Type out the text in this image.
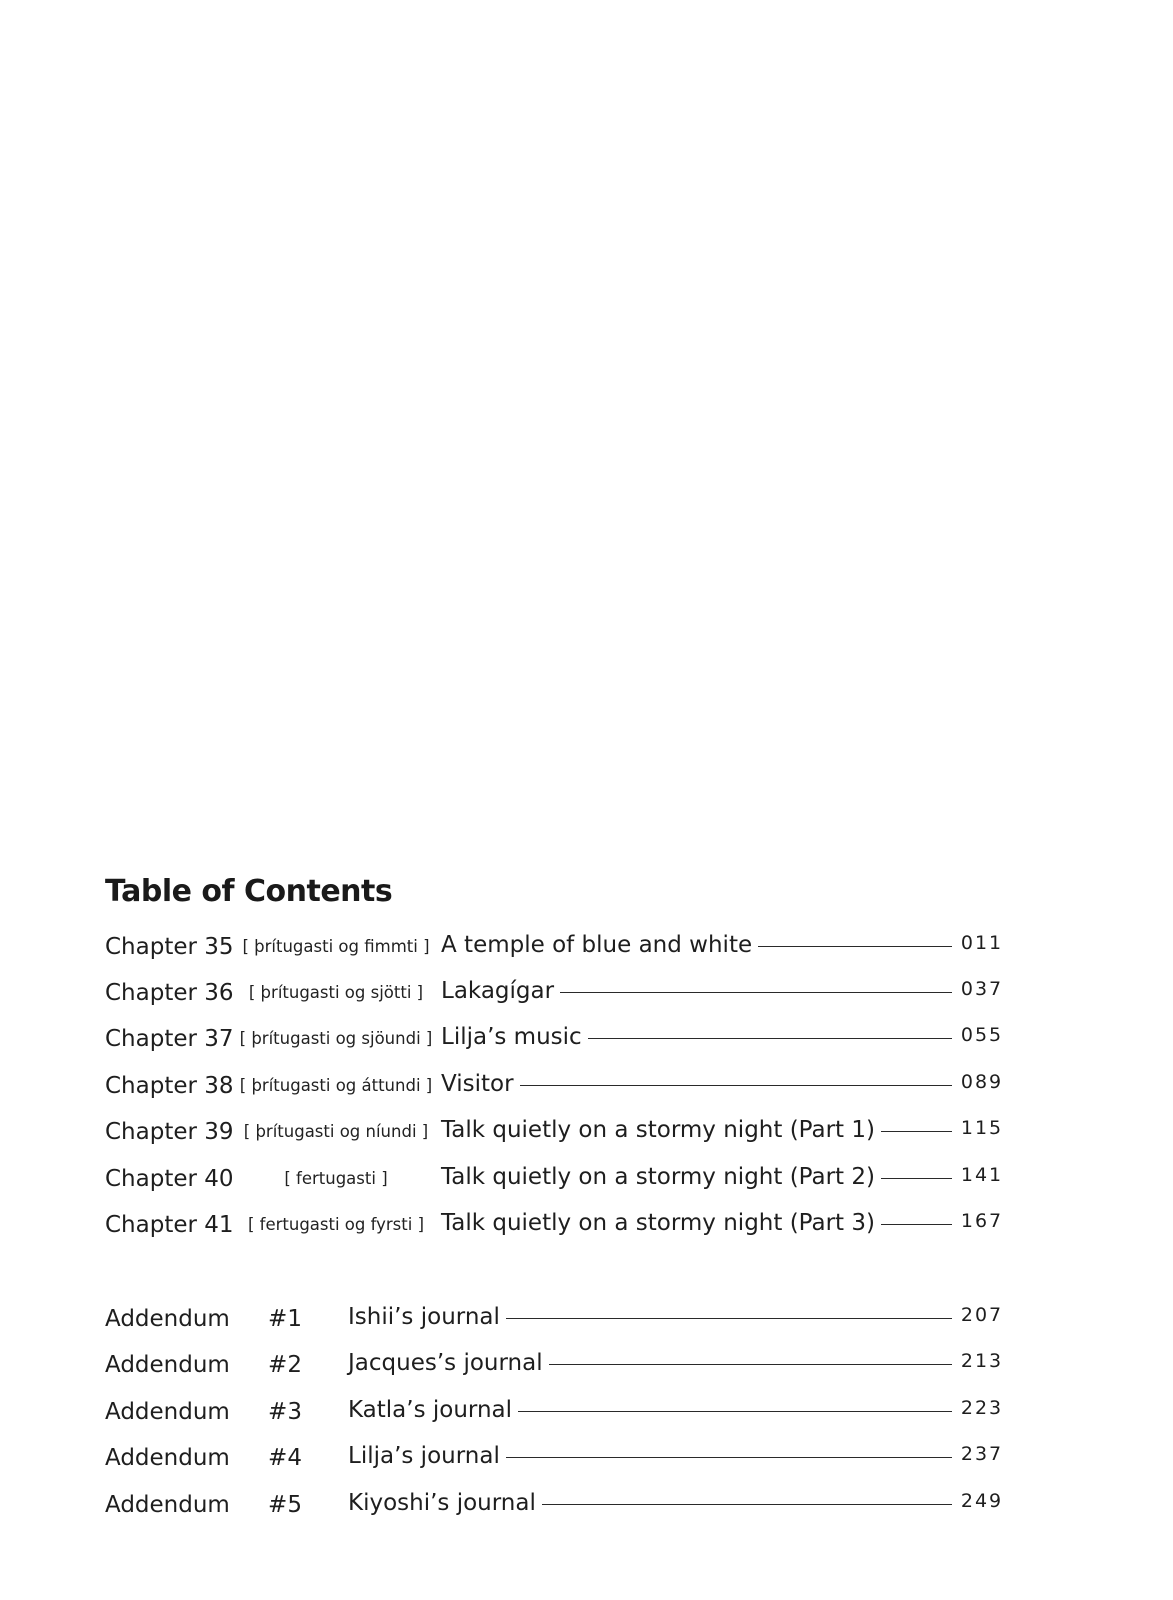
Table of Contents
Chapter 35 [ þrítugasti og fimmti ] A temple of blue and white	011
Chapter 36 [ þrítugasti og sjötti ] Lakagígar	037
Chapter 37 [ þrítugasti og sjöundi ] Lilja’s music	055
Chapter 38 [ þrítugasti og áttundi ] Visitor	089
Chapter 39 [ þrítugasti og níundi ] Talk quietly on a stormy night (Part 1)	115
Chapter 40	[ fertugasti ]	Talk quietly on a stormy night (Part 2)	141
Chapter 41 [ fertugasti og fyrsti ] Talk quietly on a stormy night (Part 3)	167
Addendum	#1	Ishii’s journal	207
Addendum	#2	Jacques’s journal	213
Addendum	#3	Katla’s journal	223
Addendum	#4	Lilja’s journal	237
Addendum	#5	Kiyoshi’s journal	249
